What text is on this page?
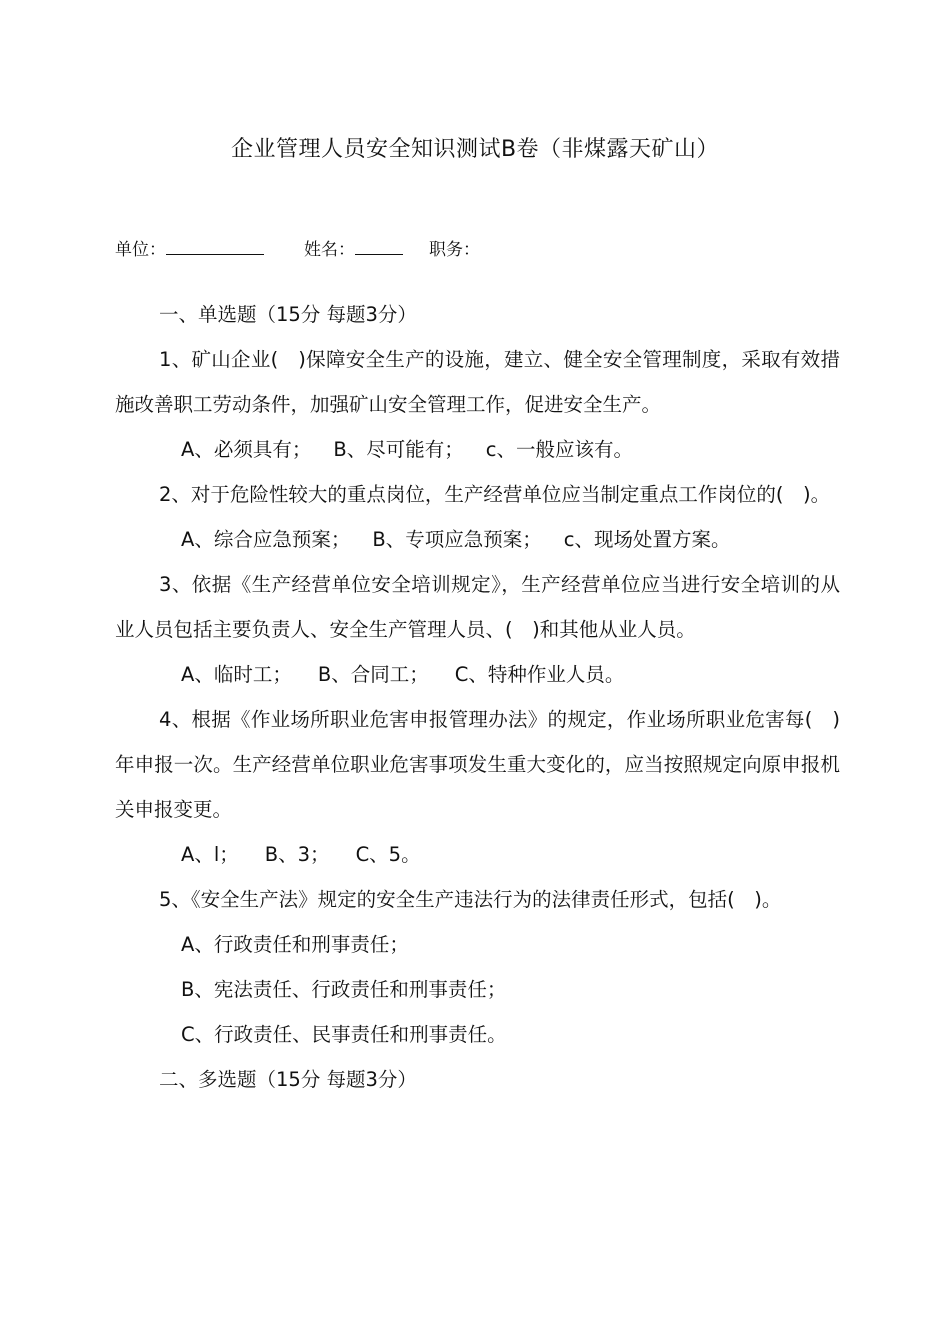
企业管理人员安全知识测试B卷（非煤露天矿山）
单位：	姓名：	职务：

一、单选题（15分 每题3分）

1、矿山企业(　)保障安全生产的设施，建立、健全安全管理制度，采取有效措施改善职工劳动条件，加强矿山安全管理工作，促进安全生产。

A、必须具有； B、尽可能有； c、一般应该有。

2、对于危险性较大的重点岗位，生产经营单位应当制定重点工作岗位的(　)。

A、综合应急预案； B、专项应急预案； c、现场处置方案。

3、依据《生产经营单位安全培训规定》，生产经营单位应当进行安全培训的从业人员包括主要负责人、安全生产管理人员、(　)和其他从业人员。

A、临时工； B、合同工； C、特种作业人员。

4、根据《作业场所职业危害申报管理办法》的规定，作业场所职业危害每(　)年申报一次。生产经营单位职业危害事项发生重大变化的，应当按照规定向原申报机关申报变更。

A、l； B、3； C、5。

5、《安全生产法》规定的安全生产违法行为的法律责任形式，包括(　)。

A、行政责任和刑事责任；

B、宪法责任、行政责任和刑事责任；

C、行政责任、民事责任和刑事责任。

二、多选题（15分 每题3分）
